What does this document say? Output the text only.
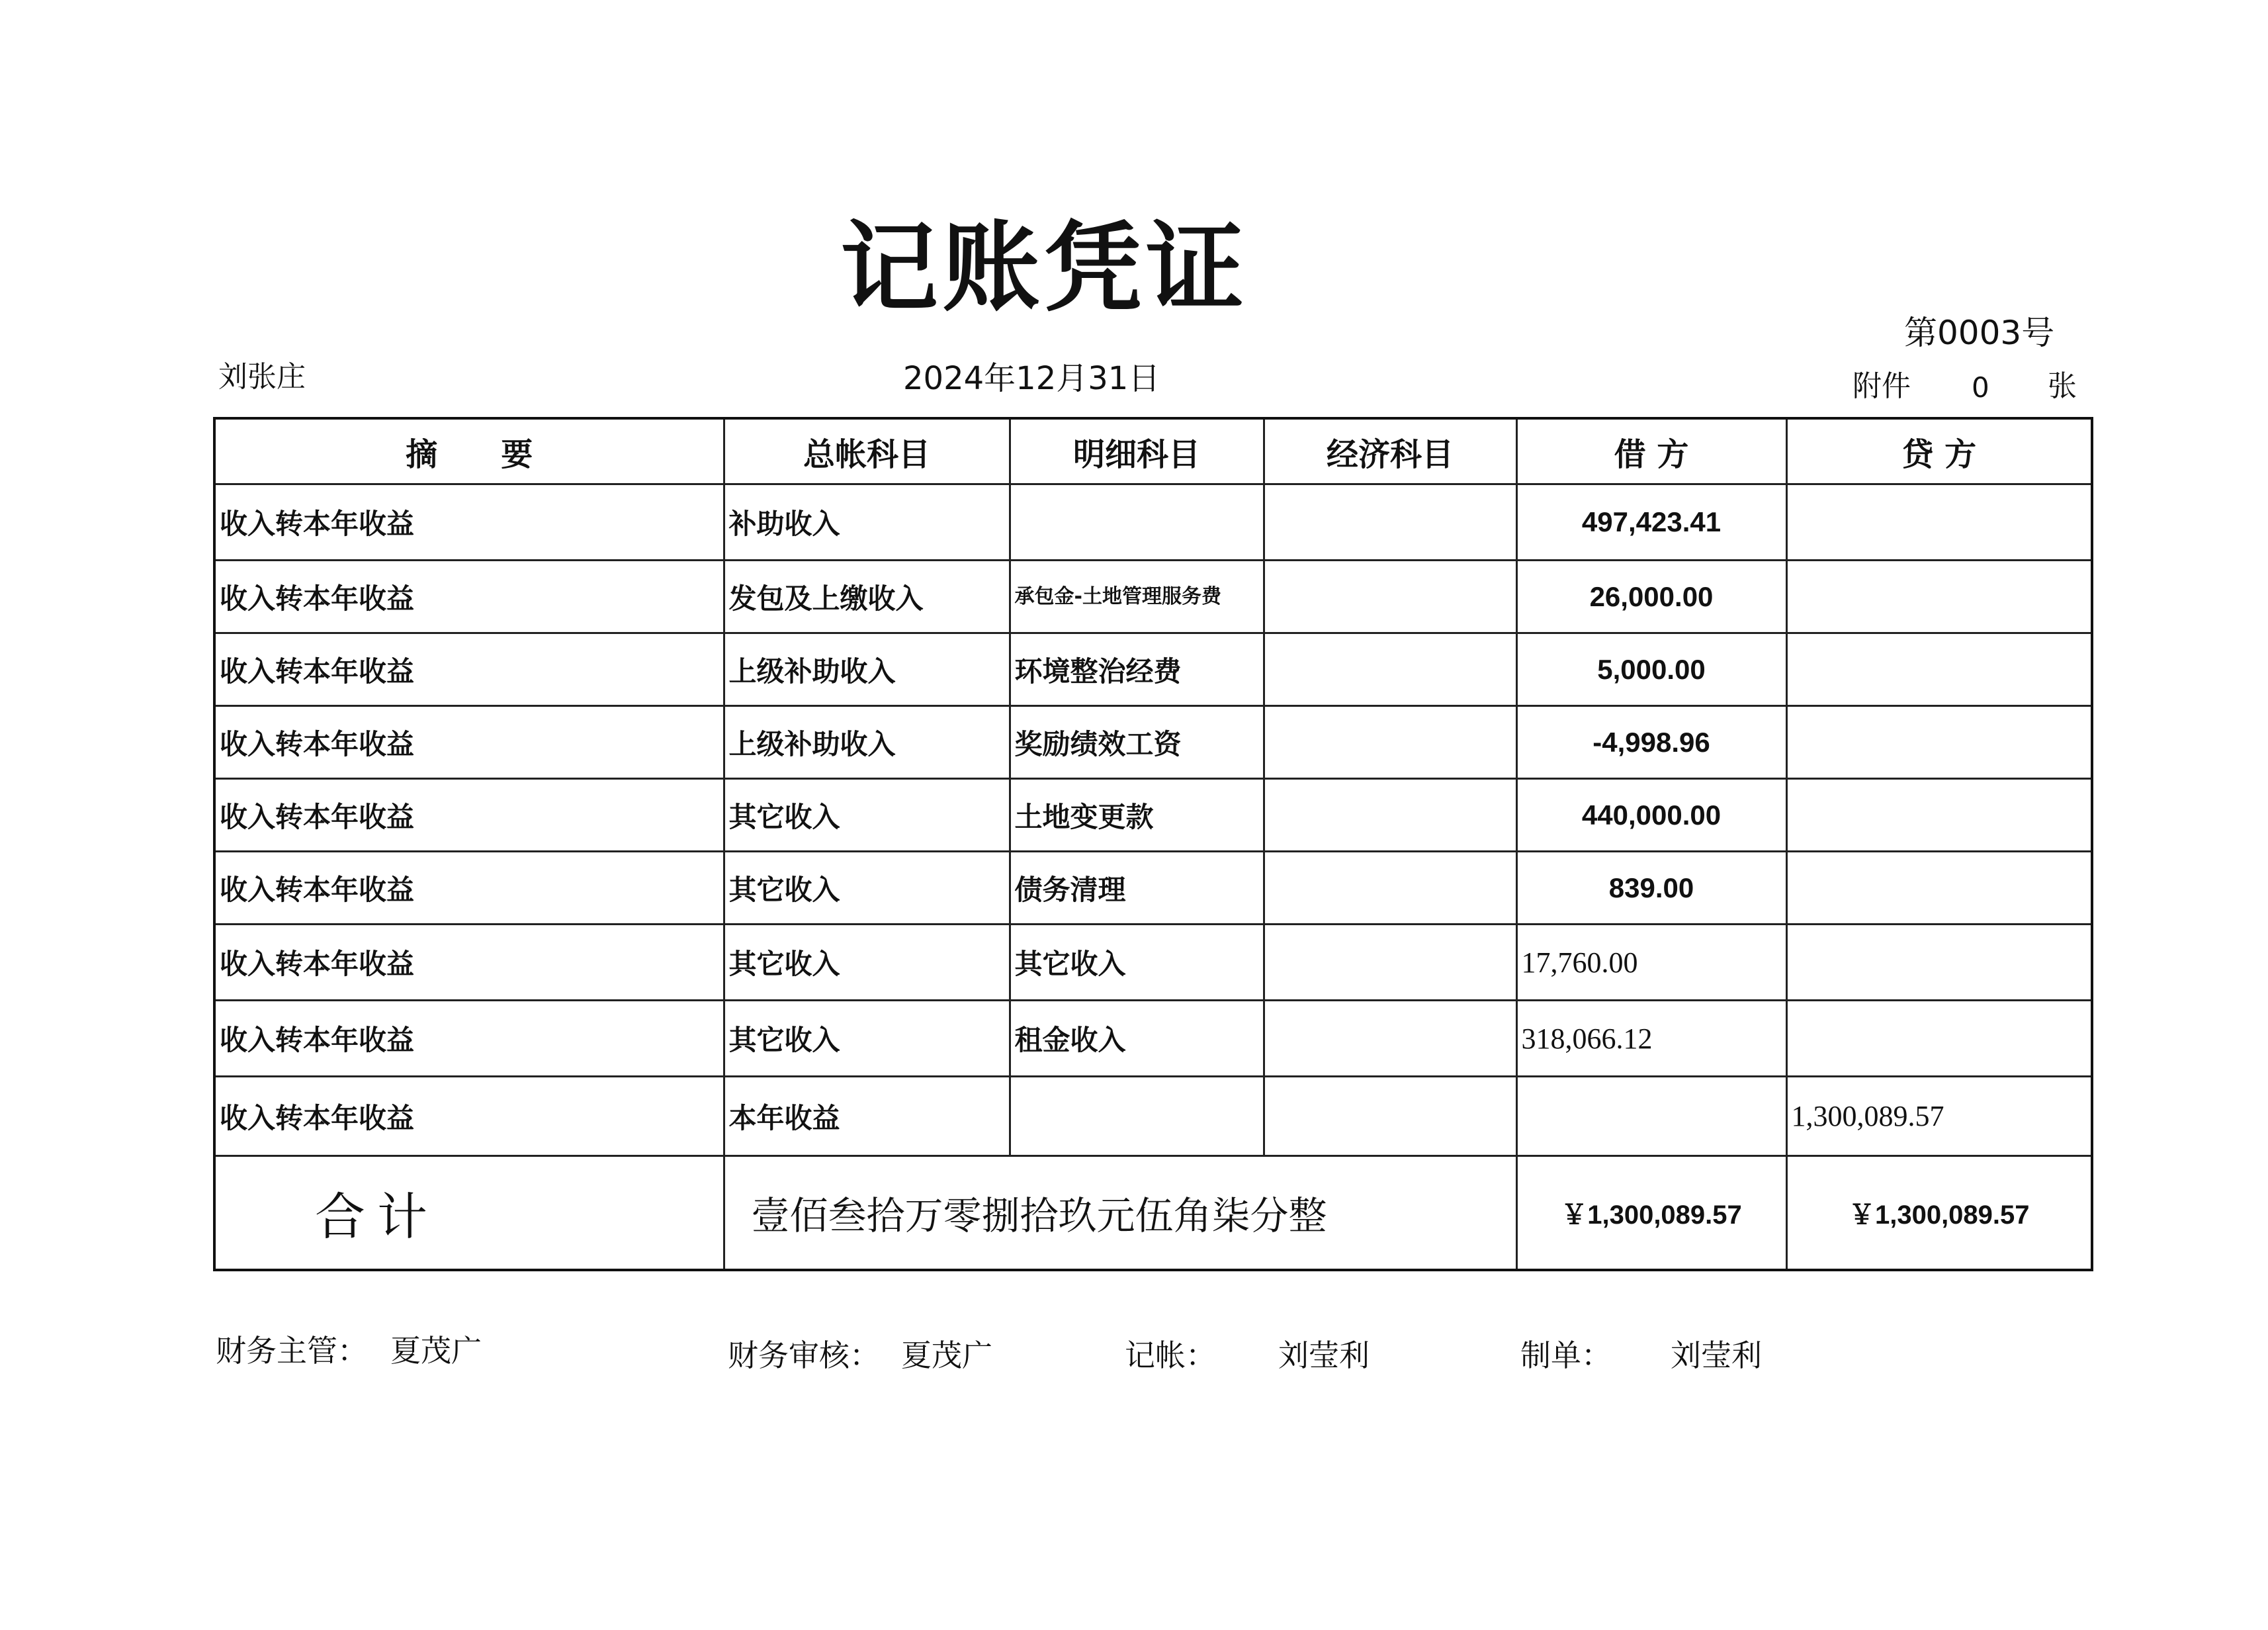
记账凭证
第0003号
刘张庄	2024年12月31日	附件 0 张
摘　　要	总帐科目	明细科目	经济科目	借 方	贷 方
收入转本年收益	补助收入			497,423.41	
收入转本年收益	发包及上缴收入	承包金-土地管理服务费		26,000.00	
收入转本年收益	上级补助收入	环境整治经费		5,000.00	
收入转本年收益	上级补助收入	奖励绩效工资		-4,998.96	
收入转本年收益	其它收入	土地变更款		440,000.00	
收入转本年收益	其它收入	债务清理		839.00	
收入转本年收益	其它收入	其它收入		17,760.00	
收入转本年收益	其它收入	租金收入		318,066.12	
收入转本年收益	本年收益				1,300,089.57
合计	壹佰叁拾万零捌拾玖元伍角柒分整			￥1,300,089.57	￥1,300,089.57
财务主管： 夏茂广	财务审核： 夏茂广	记帐： 刘莹利	制单： 刘莹利
